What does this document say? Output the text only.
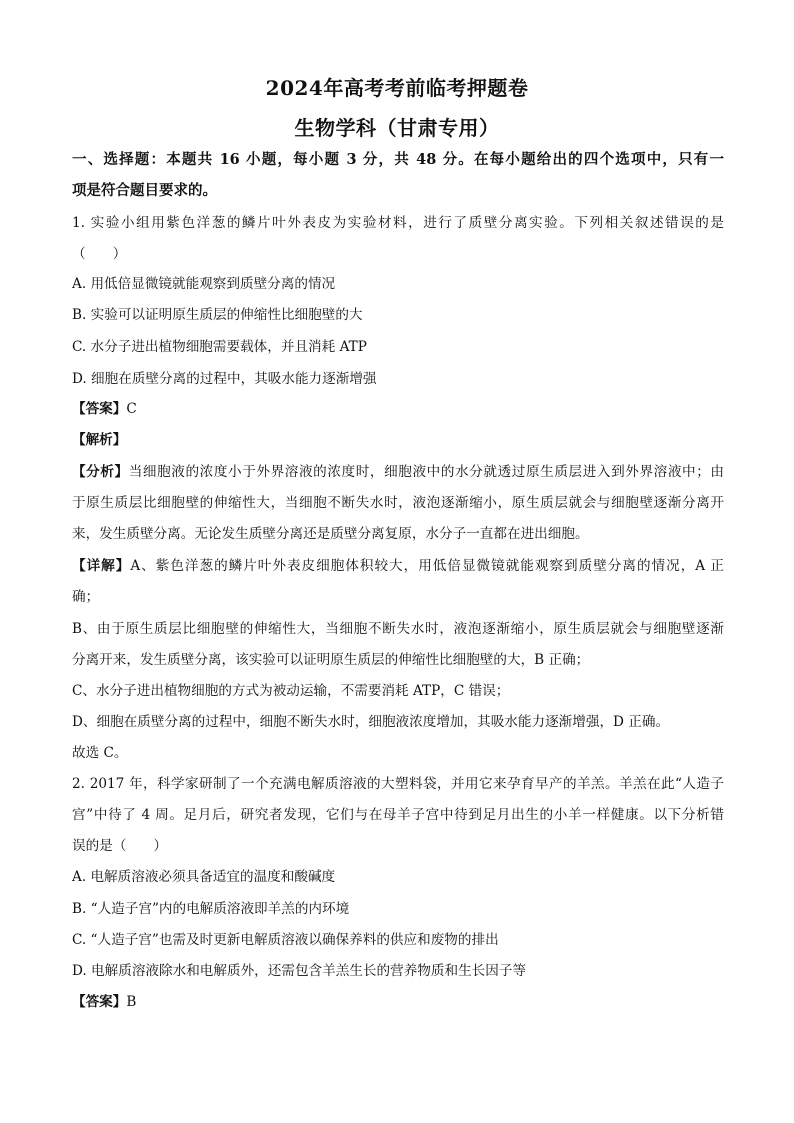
2024年高考考前临考押题卷
生物学科（甘肃专用）
一、选择题：本题共 16 小题，每小题 3 分，共 48 分。在每小题给出的四个选项中，只有一
项是符合题目要求的。
1. 实验小组用紫色洋葱的鳞片叶外表皮为实验材料，进行了质壁分离实验。下列相关叙述错误的是
（　　）
A. 用低倍显微镜就能观察到质壁分离的情况
B. 实验可以证明原生质层的伸缩性比细胞壁的大
C. 水分子进出植物细胞需要载体，并且消耗 ATP
D. 细胞在质壁分离的过程中，其吸水能力逐渐增强
【答案】C
【解析】
【分析】当细胞液的浓度小于外界溶液的浓度时，细胞液中的水分就透过原生质层进入到外界溶液中；由
于原生质层比细胞壁的伸缩性大，当细胞不断失水时，液泡逐渐缩小，原生质层就会与细胞壁逐渐分离开
来，发生质壁分离。无论发生质壁分离还是质壁分离复原，水分子一直都在进出细胞。
【详解】A、紫色洋葱的鳞片叶外表皮细胞体积较大，用低倍显微镜就能观察到质壁分离的情况，A 正
确；
B、由于原生质层比细胞壁的伸缩性大，当细胞不断失水时，液泡逐渐缩小，原生质层就会与细胞壁逐渐
分离开来，发生质壁分离，该实验可以证明原生质层的伸缩性比细胞壁的大，B 正确；
C、水分子进出植物细胞的方式为被动运输，不需要消耗 ATP，C 错误；
D、细胞在质壁分离的过程中，细胞不断失水时，细胞液浓度增加，其吸水能力逐渐增强，D 正确。
故选 C。
2. 2017 年，科学家研制了一个充满电解质溶液的大塑料袋，并用它来孕育早产的羊羔。羊羔在此“人造子
宫”中待了 4 周。足月后，研究者发现，它们与在母羊子宫中待到足月出生的小羊一样健康。以下分析错
误的是（　　）
A. 电解质溶液必须具备适宜的温度和酸碱度
B. “人造子宫”内的电解质溶液即羊羔的内环境
C. “人造子宫”也需及时更新电解质溶液以确保养料的供应和废物的排出
D. 电解质溶液除水和电解质外，还需包含羊羔生长的营养物质和生长因子等
【答案】B
